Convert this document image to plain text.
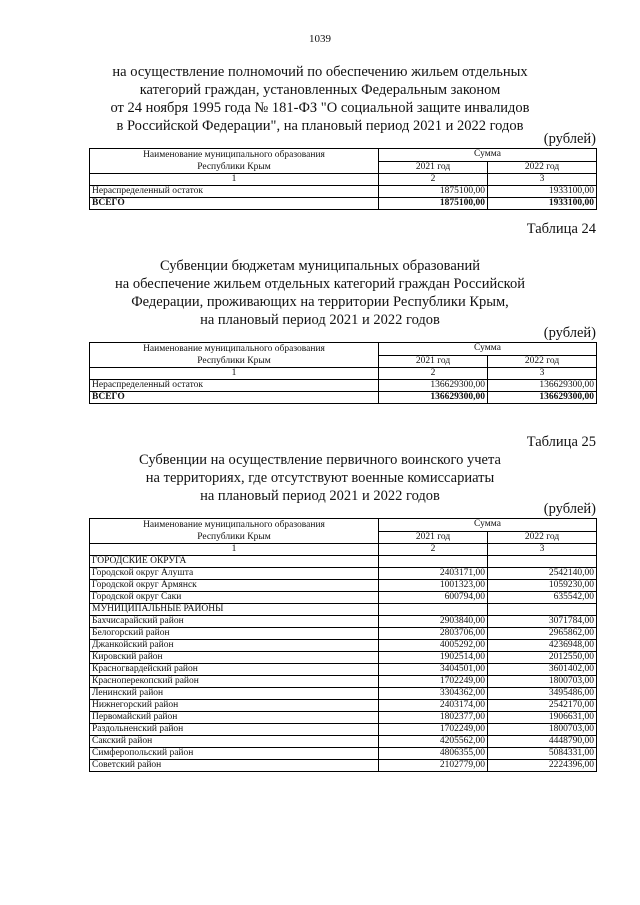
1039
на осуществление полномочий по обеспечению жильем отдельных
категорий граждан, установленных Федеральным законом
от 24 ноября 1995 года № 181-ФЗ "О социальной защите инвалидов
в Российской Федерации", на плановый период 2021 и 2022 годов
(рублей)
Наименование муниципального образования
Республики Крым	Сумма	
	2021 год	2022 год
1	2	3
Нераспределенный остаток	1875100,00	1933100,00
ВСЕГО	1875100,00	1933100,00
Таблица 24
Субвенции бюджетам муниципальных образований
на обеспечение жильем отдельных категорий граждан Российской
Федерации, проживающих на территории Республики Крым,
на плановый период 2021 и 2022 годов
(рублей)
Наименование муниципального образования
Республики Крым	Сумма	
	2021 год	2022 год
1	2	3
Нераспределенный остаток	136629300,00	136629300,00
ВСЕГО	136629300,00	136629300,00
Таблица 25
Субвенции на осуществление первичного воинского учета
на территориях, где отсутствуют военные комиссариаты
на плановый период 2021 и 2022 годов
(рублей)
Наименование муниципального образования
Республики Крым	Сумма	
	2021 год	2022 год
1	2	3
ГОРОДСКИЕ ОКРУГА		
Городской округ Алушта	2403171,00	2542140,00
Городской округ Армянск	1001323,00	1059230,00
Городской округ Саки	600794,00	635542,00
МУНИЦИПАЛЬНЫЕ РАЙОНЫ		
Бахчисарайский район	2903840,00	3071784,00
Белогорский район	2803706,00	2965862,00
Джанкойский район	4005292,00	4236948,00
Кировский район	1902514,00	2012550,00
Красногвардейский район	3404501,00	3601402,00
Красноперекопский район	1702249,00	1800703,00
Ленинский район	3304362,00	3495486,00
Нижнегорский район	2403174,00	2542170,00
Первомайский район	1802377,00	1906631,00
Раздольненский район	1702249,00	1800703,00
Сакский район	4205562,00	4448790,00
Симферопольский район	4806355,00	5084331,00
Советский район	2102779,00	2224396,00
